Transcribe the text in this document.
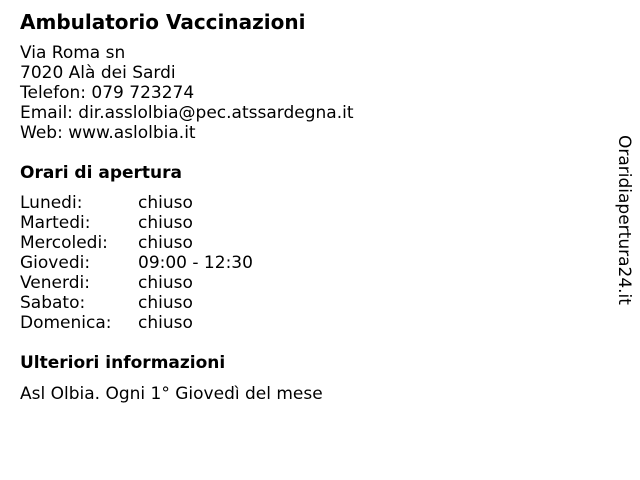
Ambulatorio Vaccinazioni
Via Roma sn
7020 Alà dei Sardi
Telefon: 079 723274
Email: dir.asslolbia@pec.atssardegna.it
Web: www.aslolbia.it
Orari di apertura
Lunedi:	chiuso
Martedi:	chiuso
Mercoledi: chiuso
Giovedi:	09:00 - 12:30
Venerdi:	chiuso
Sabato:	chiuso
Domenica: chiuso
Ulteriori informazioni
Asl Olbia. Ogni 1° Giovedì del mese
Oraridiapertura24.it
